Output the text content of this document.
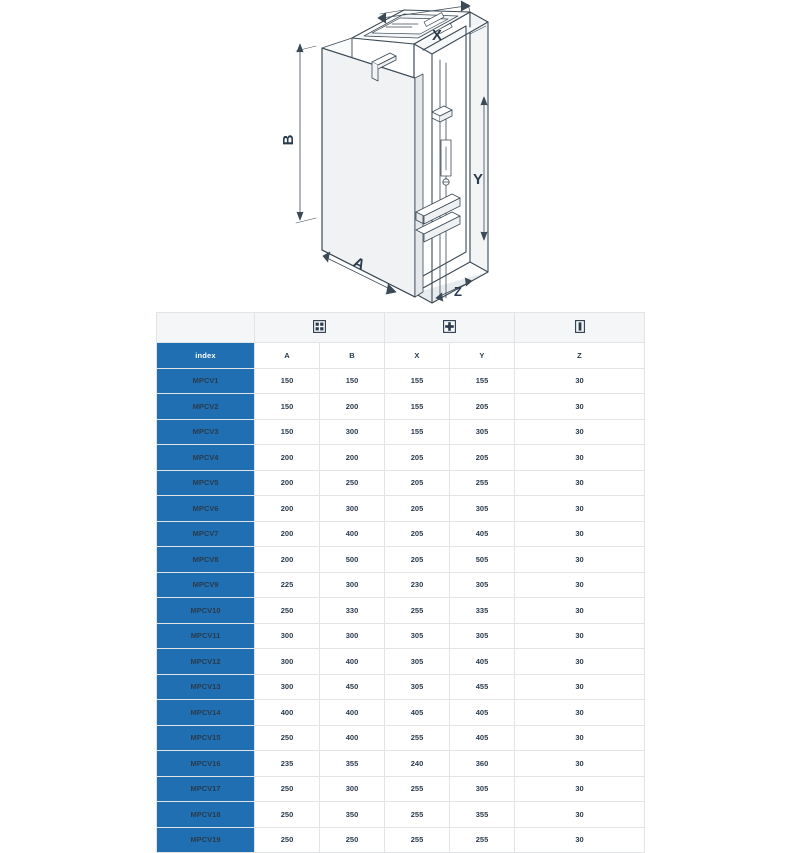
B
A
X
Y
Z

index	A	B	X	Y	Z
MPCV1	150	150	155	155	30
MPCV2	150	200	155	205	30
MPCV3	150	300	155	305	30
MPCV4	200	200	205	205	30
MPCV5	200	250	205	255	30
MPCV6	200	300	205	305	30
MPCV7	200	400	205	405	30
MPCV8	200	500	205	505	30
MPCV9	225	300	230	305	30
MPCV10	250	330	255	335	30
MPCV11	300	300	305	305	30
MPCV12	300	400	305	405	30
MPCV13	300	450	305	455	30
MPCV14	400	400	405	405	30
MPCV15	250	400	255	405	30
MPCV16	235	355	240	360	30
MPCV17	250	300	255	305	30
MPCV18	250	350	255	355	30
MPCV19	250	250	255	255	30
